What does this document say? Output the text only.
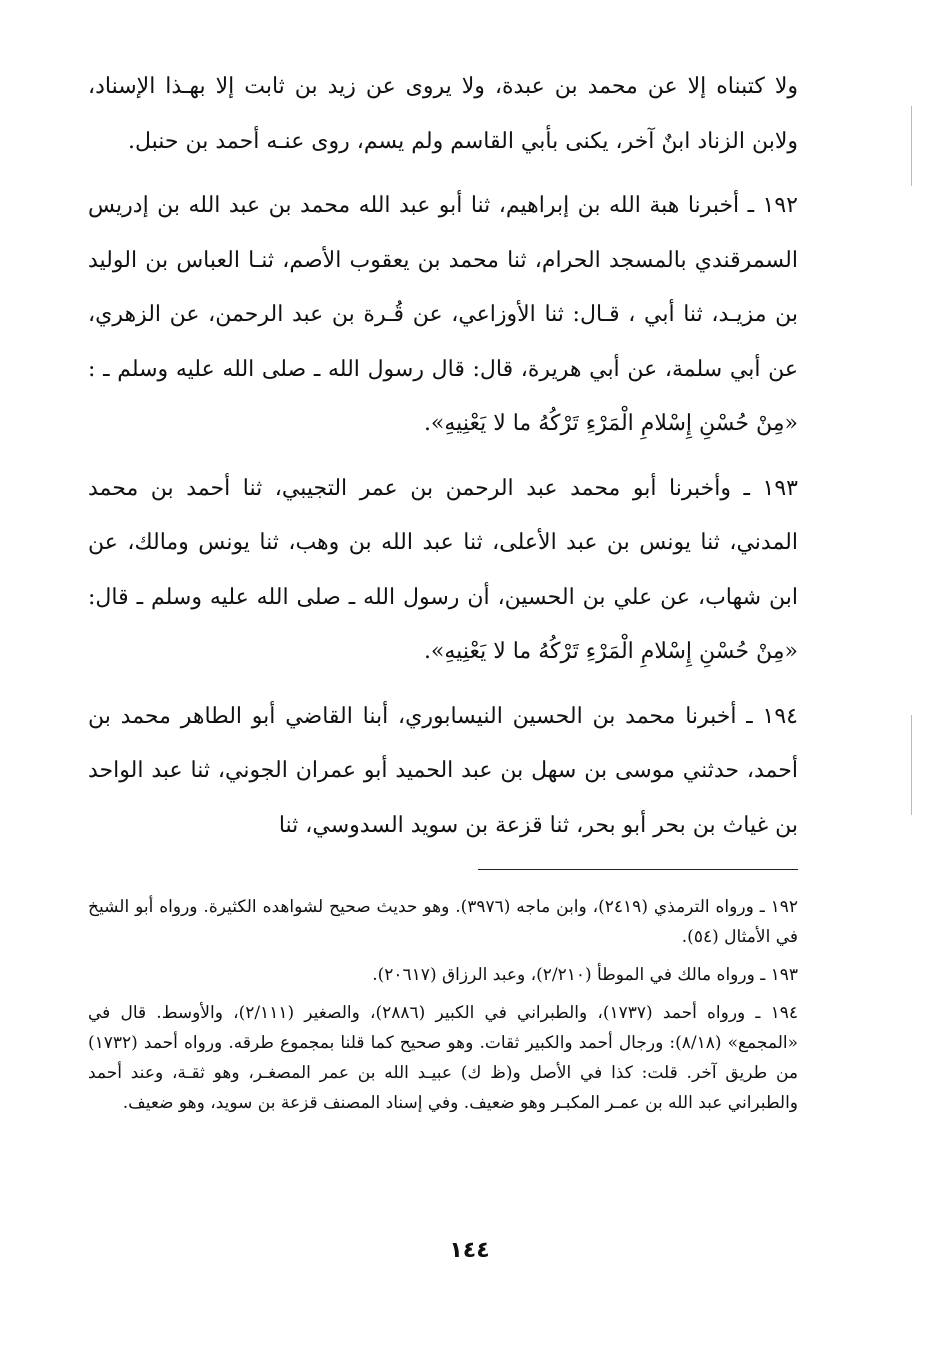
ولا كتبناه إلا عن محمد بن عبدة، ولا يروى عن زيد بن ثابت إلا بهـذا الإسناد، ولابن الزناد ابنٌ آخر، يكنى بأبي القاسم ولم يسم، روى عنـه أحمد بن حنبل.

١٩٢ ـ أخبرنا هبة الله بن إبراهيم، ثنا أبو عبد الله محمد بن عبد الله بن إدريس السمرقندي بالمسجد الحرام، ثنا محمد بن يعقوب الأصم، ثنـا العباس بن الوليد بن مزيـد، ثنا أبي ، قـال: ثنا الأوزاعي، عن قُـرة بن عبد الرحمن، عن الزهري، عن أبي سلمة، عن أبي هريرة، قال: قال رسول الله ـ صلى الله عليه وسلم ـ : «مِنْ حُسْنِ إِسْلامِ الْمَرْءِ تَرْكُهُ ما لا يَعْنِيهِ».

١٩٣ ـ وأخبرنا أبو محمد عبد الرحمن بن عمر التجيبي، ثنا أحمد بن محمد المدني، ثنا يونس بن عبد الأعلى، ثنا عبد الله بن وهب، ثنا يونس ومالك، عن ابن شهاب، عن علي بن الحسين، أن رسول الله ـ صلى الله عليه وسلم ـ قال: «مِنْ حُسْنِ إِسْلامِ الْمَرْءِ تَرْكُهُ ما لا يَعْنِيهِ».

١٩٤ ـ أخبرنا محمد بن الحسين النيسابوري، أبنا القاضي أبو الطاهر محمد بن أحمد، حدثني موسى بن سهل بن عبد الحميد أبو عمران الجوني، ثنا عبد الواحد بن غياث بن بحر أبو بحر، ثنا قزعة بن سويد السدوسي، ثنا

١٩٢ ـ ورواه الترمذي (٢٤١٩)، وابن ماجه (٣٩٧٦). وهو حديث صحيح لشواهده الكثيرة. ورواه أبو الشيخ في الأمثال (٥٤).

١٩٣ ـ ورواه مالك في الموطأ (٢/٢١٠)، وعبد الرزاق (٢٠٦١٧).

١٩٤ ـ ورواه أحمد (١٧٣٧)، والطبراني في الكبير (٢٨٨٦)، والصغير (٢/١١١)، والأوسط. قال في «المجمع» (٨/١٨): ورجال أحمد والكبير ثقات. وهو صحيح كما قلنا بمجموع طرقه. ورواه أحمد (١٧٣٢) من طريق آخر. قلت: كذا في الأصل و(ظ ك) عبيـد الله بن عمر المصغـر، وهو ثقـة، وعند أحمد والطبراني عبد الله بن عمـر المكبـر وهو ضعيف. وفي إسناد المصنف قزعة بن سويد، وهو ضعيف.

١٤٤
